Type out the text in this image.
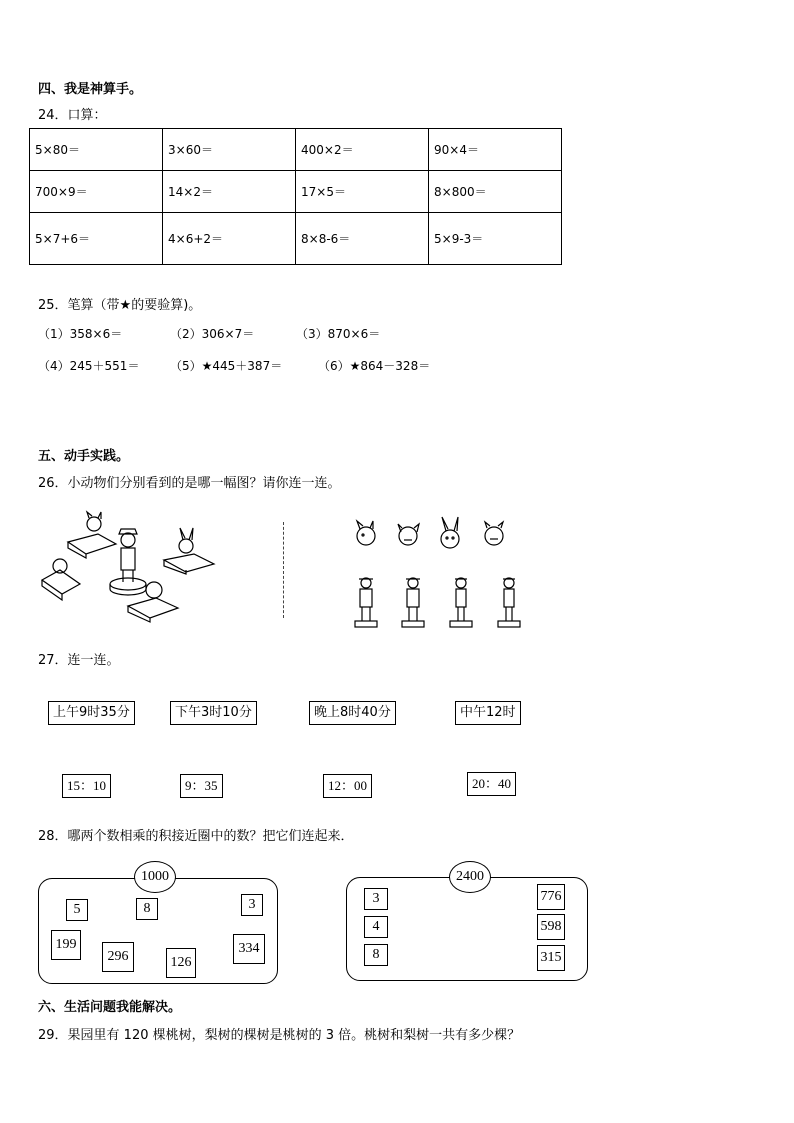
四、我是神算手。
24．口算：
5×80＝	3×60＝	400×2＝	90×4＝
700×9＝	14×2＝	17×5＝	8×800＝
5×7+6＝	4×6+2＝	8×8-6＝	5×9-3＝
25．笔算（带★的要验算)。
（1）358×6＝	（2）306×7＝	（3）870×6＝
（4）245＋551＝	（5）★445＋387＝	（6）★864－328＝
五、动手实践。
26．小动物们分别看到的是哪一幅图？请你连一连。
27．连一连。
上午9时35分	下午3时10分	晚上8时40分	中午12时
15：10	9：35	12：00	20：40
28．哪两个数相乘的积接近圈中的数？把它们连起来．
1000
5	8	3
199
296	126
334
2400
3
4
8
776
598
315
六、生活问题我能解决。
29．果园里有 120 棵桃树，梨树的棵树是桃树的 3 倍。桃树和梨树一共有多少棵？
